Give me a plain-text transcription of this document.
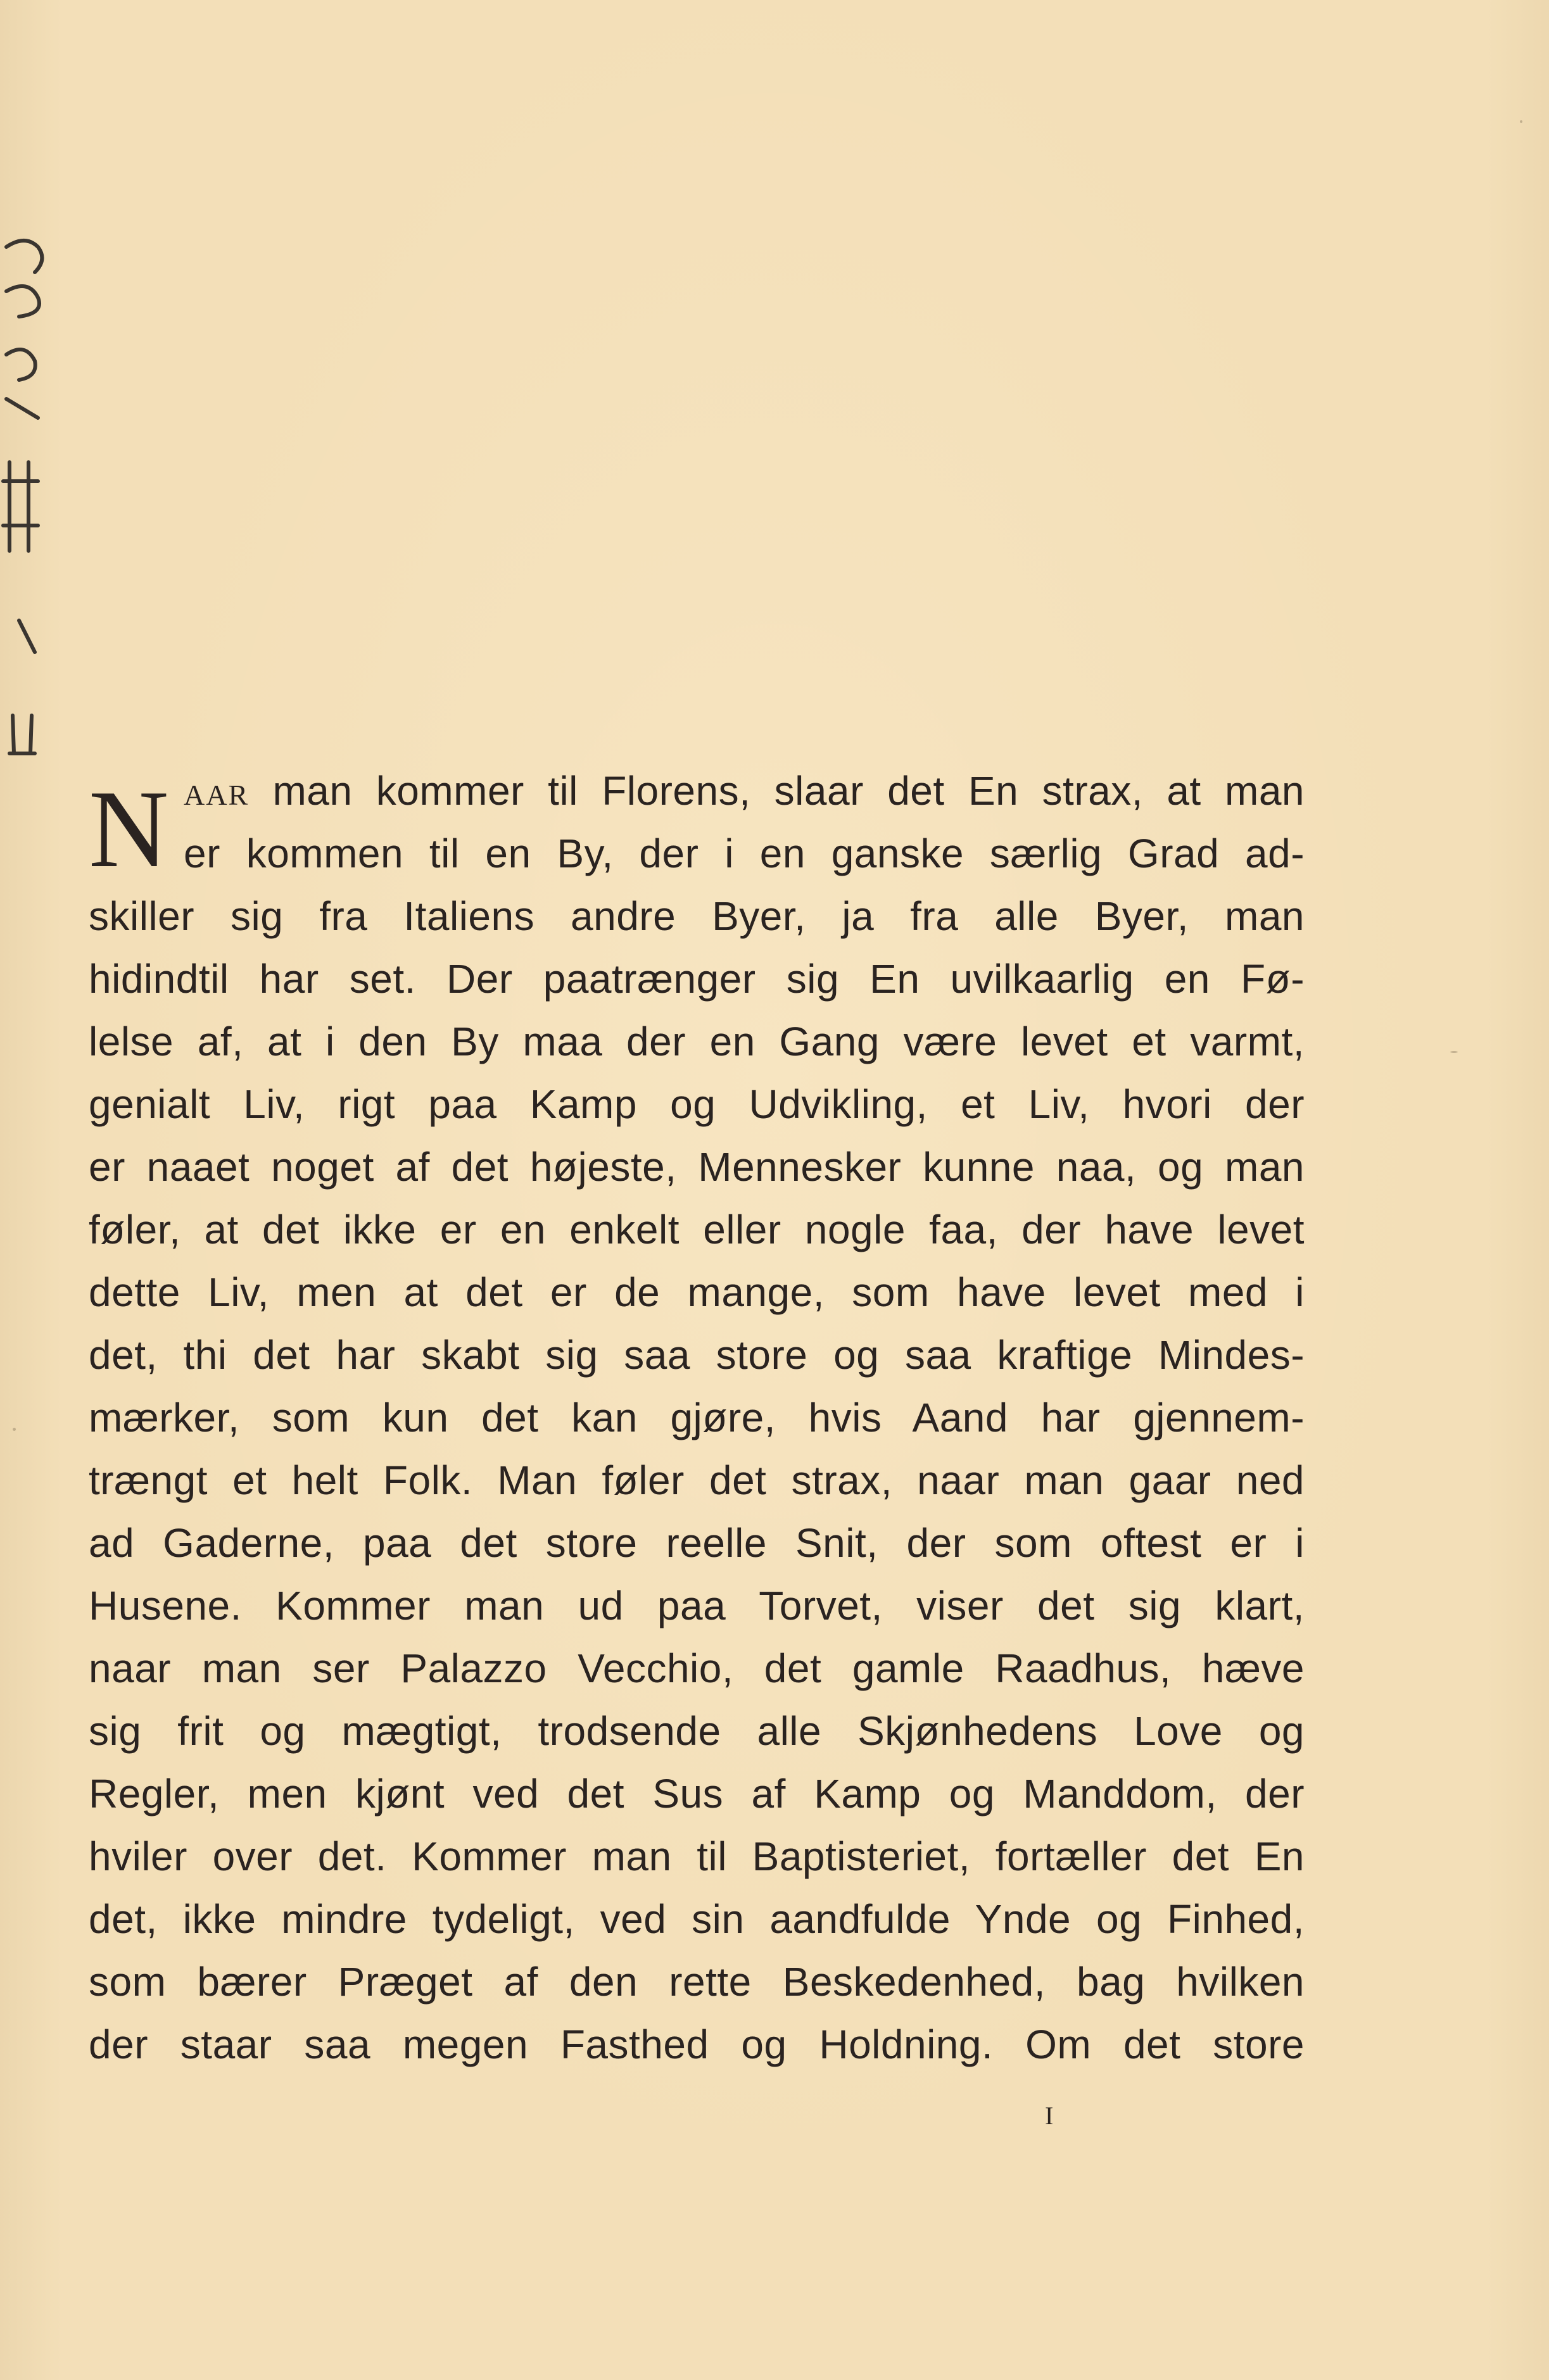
N AAR man kommer til Florens, slaar det En strax, at man
er kommen til en By, der i en ganske særlig Grad ad-
skiller sig fra Italiens andre Byer, ja fra alle Byer, man
hidindtil har set. Der paatrænger sig En uvilkaarlig en Fø-
lelse af, at i den By maa der en Gang være levet et varmt,
genialt Liv, rigt paa Kamp og Udvikling, et Liv, hvori der
er naaet noget af det højeste, Mennesker kunne naa, og man
føler, at det ikke er en enkelt eller nogle faa, der have levet
dette Liv, men at det er de mange, som have levet med i
det, thi det har skabt sig saa store og saa kraftige Mindes-
mærker, som kun det kan gjøre, hvis Aand har gjennem-
trængt et helt Folk. Man føler det strax, naar man gaar ned
ad Gaderne, paa det store reelle Snit, der som oftest er i
Husene. Kommer man ud paa Torvet, viser det sig klart,
naar man ser Palazzo Vecchio, det gamle Raadhus, hæve
sig frit og mægtigt, trodsende alle Skjønhedens Love og
Regler, men kjønt ved det Sus af Kamp og Manddom, der
hviler over det. Kommer man til Baptisteriet, fortæller det En
det, ikke mindre tydeligt, ved sin aandfulde Ynde og Finhed,
som bærer Præget af den rette Beskedenhed, bag hvilken
der staar saa megen Fasthed og Holdning. Om det store
I
